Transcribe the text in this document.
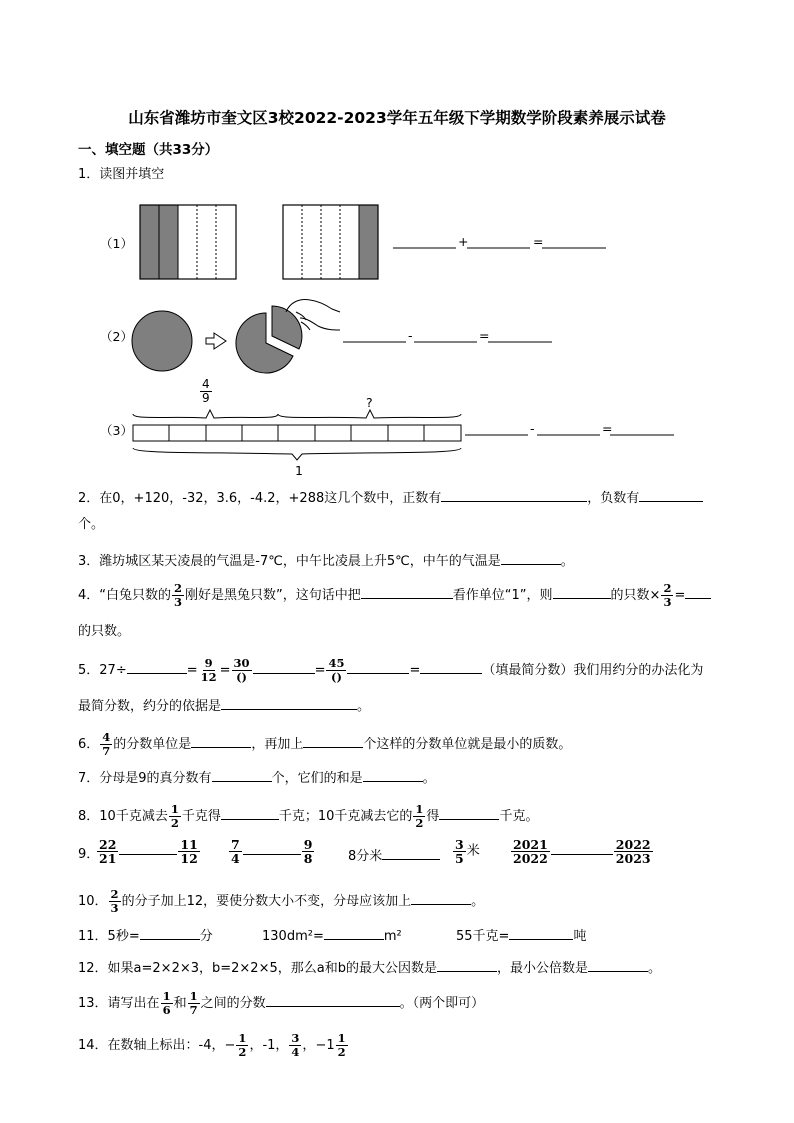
山东省潍坊市奎文区3校2022-2023学年五年级下学期数学阶段素养展示试卷
一、填空题（共33分）
1．读图并填空
（1）	+	=
（2）	-	=
（3）
$\frac{4}{9}$	?
1
-	=
2．在0，+120，-32，3.6，-4.2，+288这几个数中，正数有	，负数有
个。
3．潍坊城区某天凌晨的气温是-7℃，中午比凌晨上升5℃，中午的气温是	。
4．“白兔只数的 $\frac{2}{3}$ 刚好是黑兔只数”，这句话中把	看作单位“1”，则	的只数× $\frac{2}{3}$ =
的只数。
5．27÷	= $\frac{9}{12} = \frac{30}{()}$	= $\frac{45}{()}$	=	（填最简分数）我们用约分的办法化为
最简分数，约分的依据是	。
6． $\frac{4}{7}$ 的分数单位是	，再加上	个这样的分数单位就是最小的质数。
7．分母是9的真分数有	个，它们的和是	。
8．10千克减去 $\frac{1}{2}$ 千克得	千克；10千克减去它的 $\frac{1}{2}$ 得	千克。
9．
$\frac{22}{21}$	$\frac{11}{12} \frac{7}{4}$	$\frac{9}{8}$	8分米	$\frac{3}{5}$ 米	$\frac{2021}{2022}$	$\frac{2022}{2023}$
10． $\frac{2}{3}$ 的分子加上12，要使分数大小不变，分母应该加上	。
11．5秒=	分	130dm²=	m²	55千克=	吨
12．如果a=2×2×3，b=2×2×5，那么a和b的最大公因数是	，最小公倍数是	。
13．请写出在 $\frac{1}{6}$ 和 $\frac{1}{7}$ 之间的分数	。（两个即可）
14．在数轴上标出：-4，− $\frac{1}{2}$ ，-1， $\frac{3}{4}$ ，$-1 \frac{1}{2}$
